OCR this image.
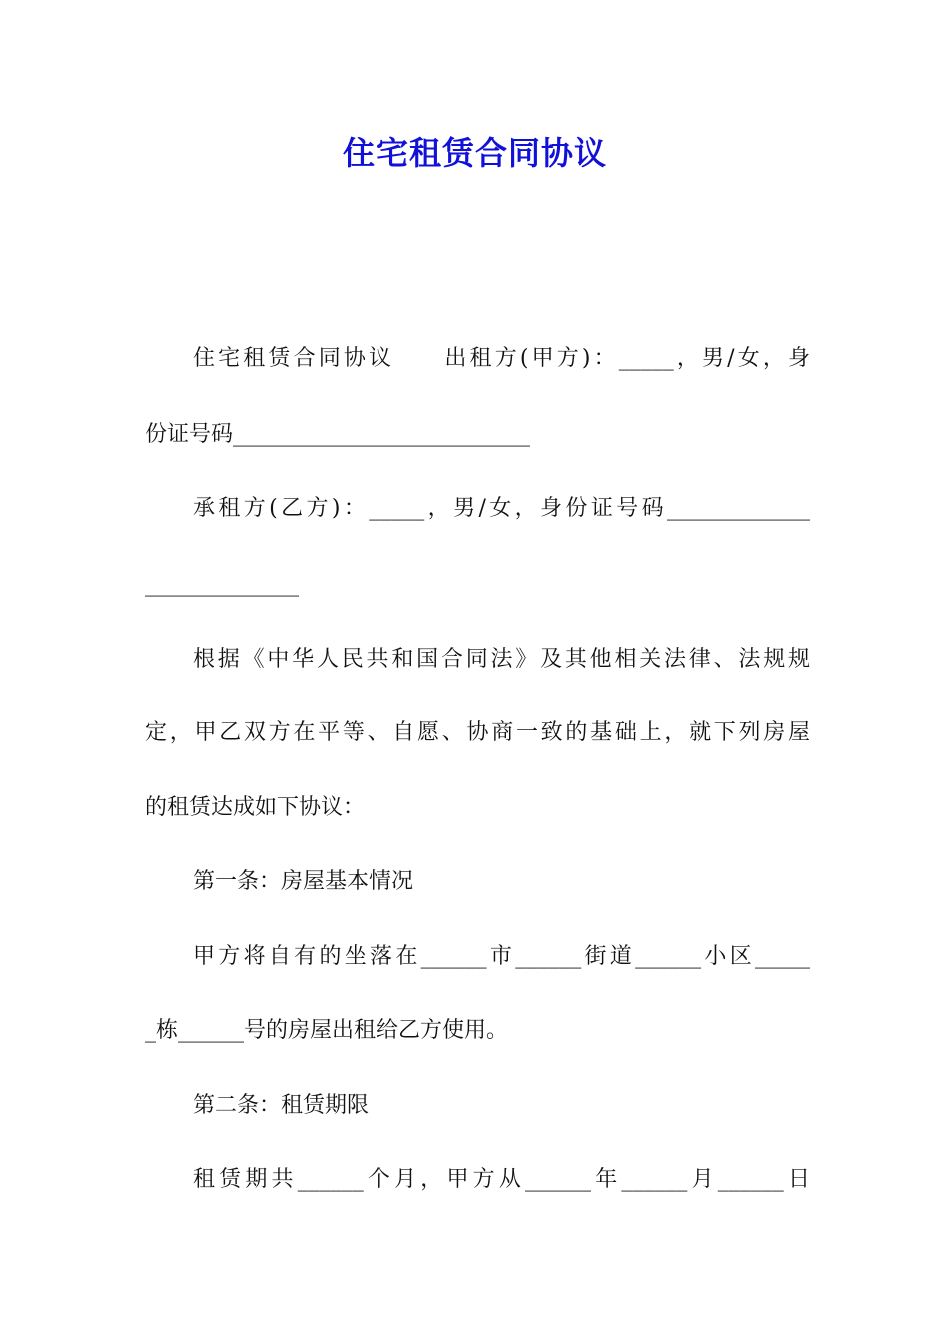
住宅租赁合同协议
住宅租赁合同协议　　出租方(甲方)：_____，男/女，身
份证号码___________________________
承租方(乙方)：_____，男/女，身份证号码_____________
______________
根据《中华人民共和国合同法》及其他相关法律、法规规
定，甲乙双方在平等、自愿、协商一致的基础上，就下列房屋
的租赁达成如下协议：
第一条：房屋基本情况
甲方将自有的坐落在______市______街道______小区_____
_栋______号的房屋出租给乙方使用。
第二条：租赁期限
租赁期共______个月，甲方从______年______月______日
